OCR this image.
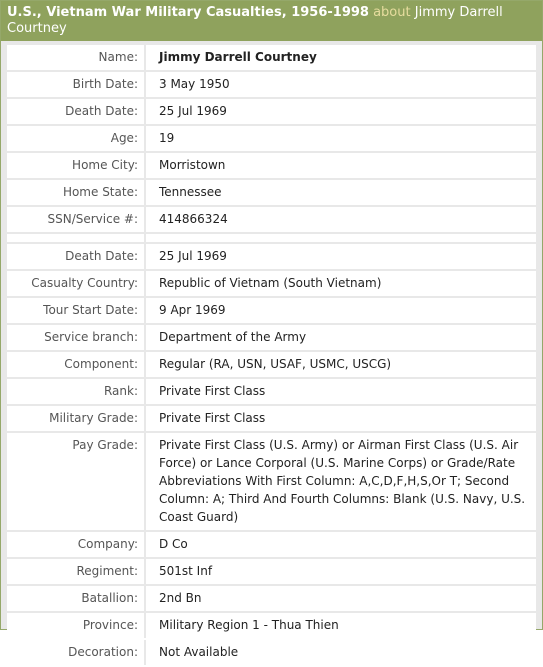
U.S., Vietnam War Military Casualties, 1956-1998 about Jimmy Darrell Courtney
Name:	Jimmy Darrell Courtney
Birth Date:	3 May 1950
Death Date:	25 Jul 1969
Age:	19
Home City:	Morristown
Home State:	Tennessee
SSN/Service #:	414866324

Death Date:	25 Jul 1969
Casualty Country:	Republic of Vietnam (South Vietnam)
Tour Start Date:	9 Apr 1969
Service branch:	Department of the Army
Component:	Regular (RA, USN, USAF, USMC, USCG)
Rank:	Private First Class
Military Grade:	Private First Class
Pay Grade:	Private First Class (U.S. Army) or Airman First Class (U.S. Air Force) or Lance Corporal (U.S. Marine Corps) or Grade/Rate Abbreviations With First Column: A,C,D,F,H,S,Or T; Second Column: A; Third And Fourth Columns: Blank (U.S. Navy, U.S. Coast Guard)
Company:	D Co
Regiment:	501st Inf
Batallion:	2nd Bn
Province:	Military Region 1 - Thua Thien
Decoration:	Not Available
